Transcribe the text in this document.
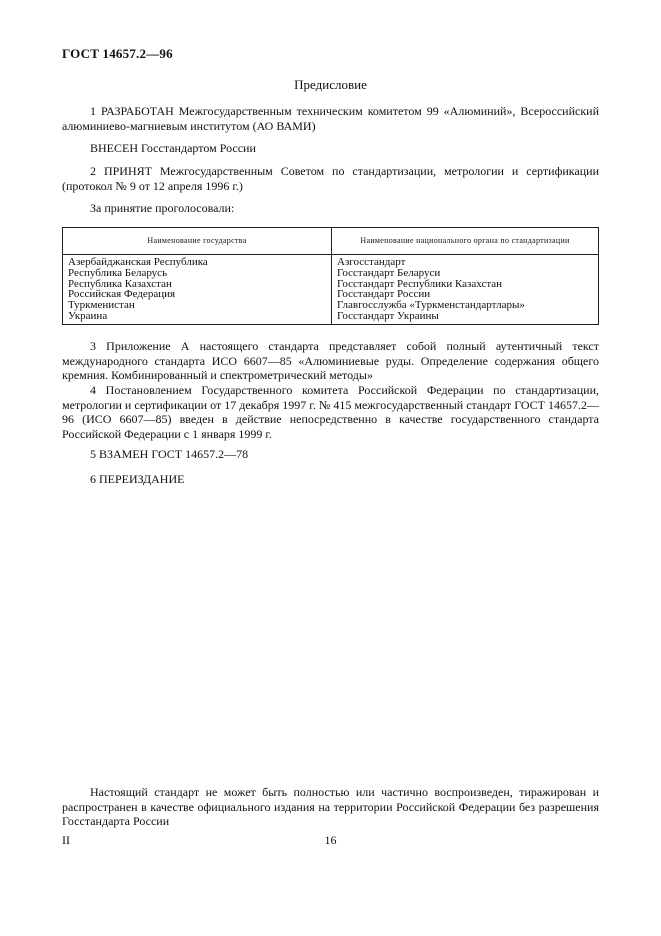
ГОСТ 14657.2—96
Предисловие
1 РАЗРАБОТАН Межгосударственным техническим комитетом 99 «Алюминий», Всероссийский алюминиево-магниевым институтом (АО ВАМИ)
ВНЕСЕН Госстандартом России
2 ПРИНЯТ Межгосударственным Советом по стандартизации, метрологии и сертификации (протокол № 9 от 12 апреля 1996 г.)
За принятие проголосовали:
Наименование государства	Наименование национального органа по стандартизации
Азербайджанская Республика
Республика Беларусь
Республика Казахстан
Российская Федерация
Туркменистан
Украина
Азгосстандарт
Госстандарт Беларуси
Госстандарт Республики Казахстан
Госстандарт России
Главгосслужба «Туркменстандартлары»
Госстандарт Украины
3 Приложение А настоящего стандарта представляет собой полный аутентичный текст международного стандарта ИСО 6607—85 «Алюминиевые руды. Определение содержания общего кремния. Комбинированный и спектрометрический методы»
4 Постановлением Государственного комитета Российской Федерации по стандартизации, метрологии и сертификации от 17 декабря 1997 г. № 415 межгосударственный стандарт ГОСТ 14657.2—96 (ИСО 6607—85) введен в действие непосредственно в качестве государственного стандарта Российской Федерации с 1 января 1999 г.
5 ВЗАМЕН ГОСТ 14657.2—78
6 ПЕРЕИЗДАНИЕ
Настоящий стандарт не может быть полностью или частично воспроизведен, тиражирован и распространен в качестве официального издания на территории Российской Федерации без разрешения Госстандарта России
II	16
